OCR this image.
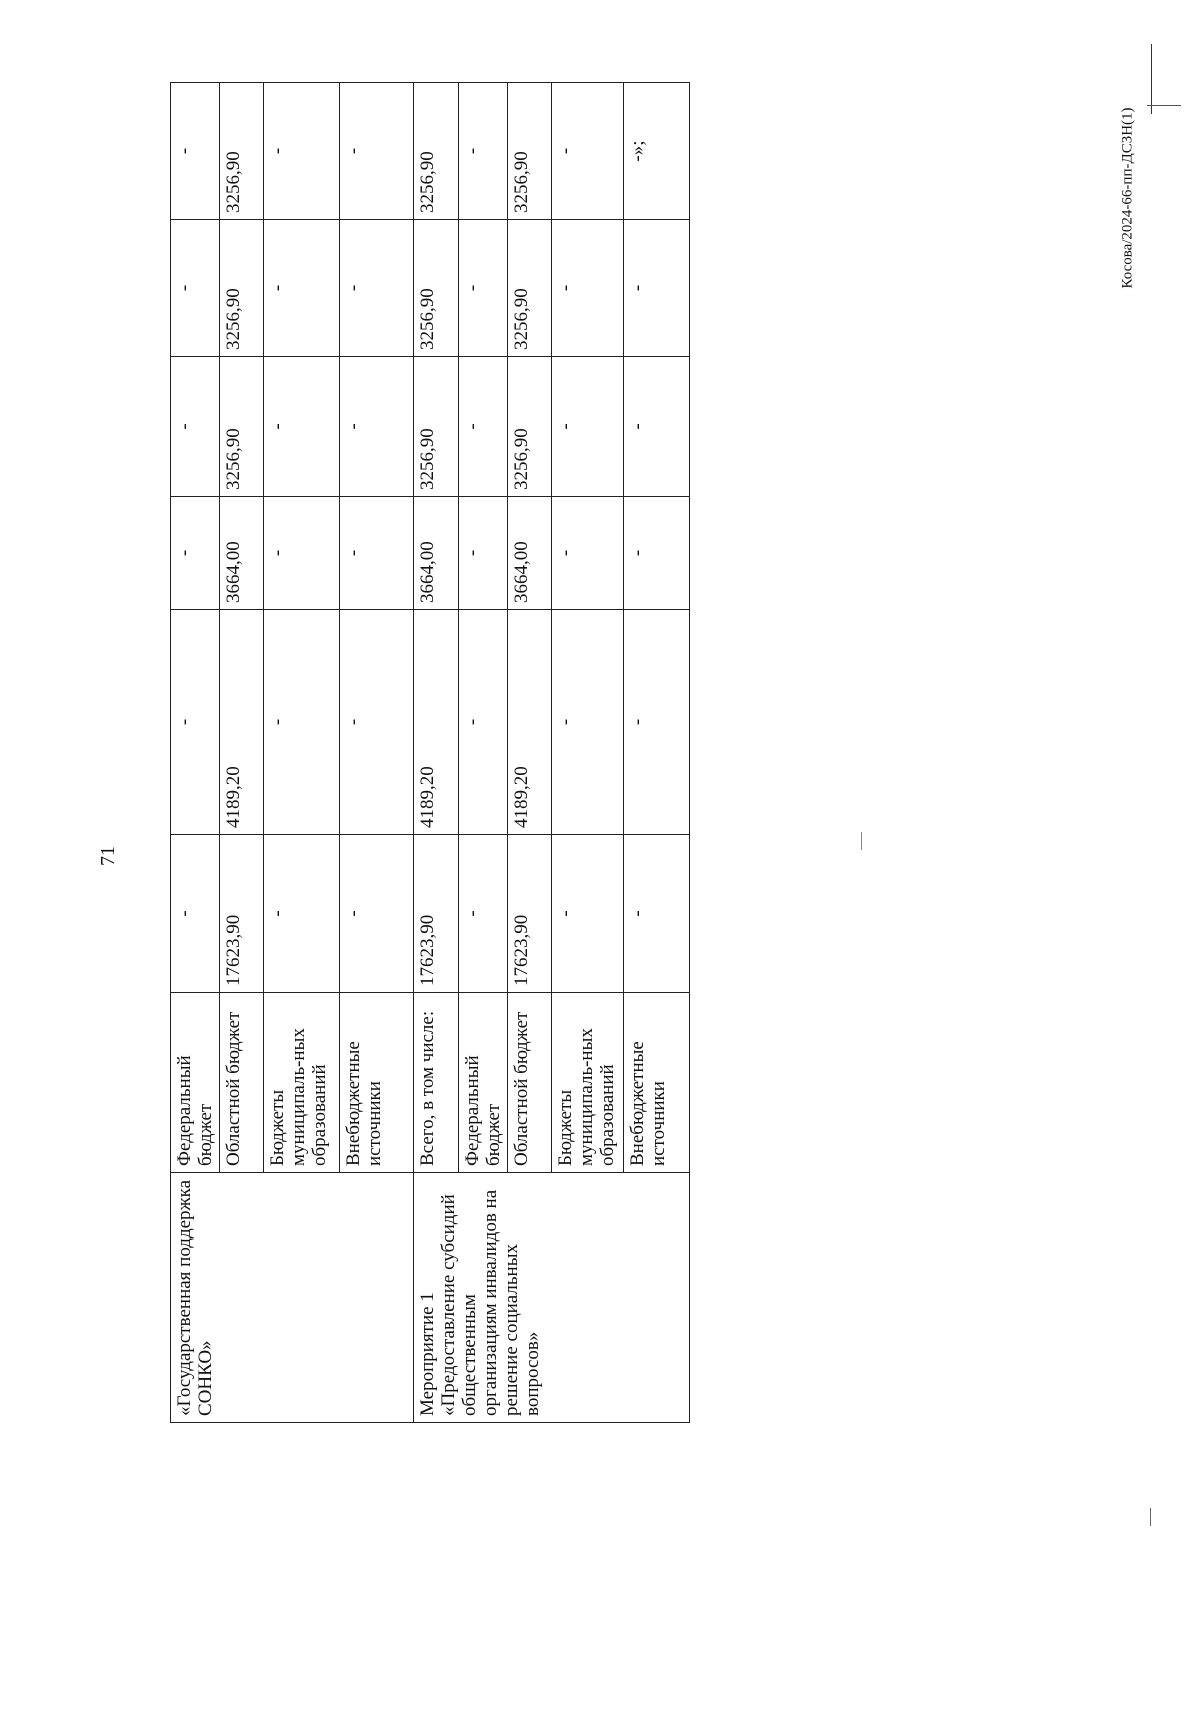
71
Косова/2024-66-пп-ДСЗН(1)
«Государственная поддержка СОНКО»	Федеральный бюджет	-	-	-	-	-	-
	Областной бюджет	17623,90	4189,20	3664,00	3256,90	3256,90	3256,90
	Бюджеты муниципаль-ных образований	-	-	-	-	-	-
	Внебюджетные источники	-	-	-	-	-	-
Мероприятие 1 «Предоставление субсидий общественным организациям инвалидов на решение социальных вопросов»	Всего, в том числе:	17623,90	4189,20	3664,00	3256,90	3256,90	3256,90
	Федеральный бюджет	-	-	-	-	-	-
	Областной бюджет	17623,90	4189,20	3664,00	3256,90	3256,90	3256,90
	Бюджеты муниципаль-ных образований	-	-	-	-	-	-
	Внебюджетные источники	-	-	-	-	-	-»;
